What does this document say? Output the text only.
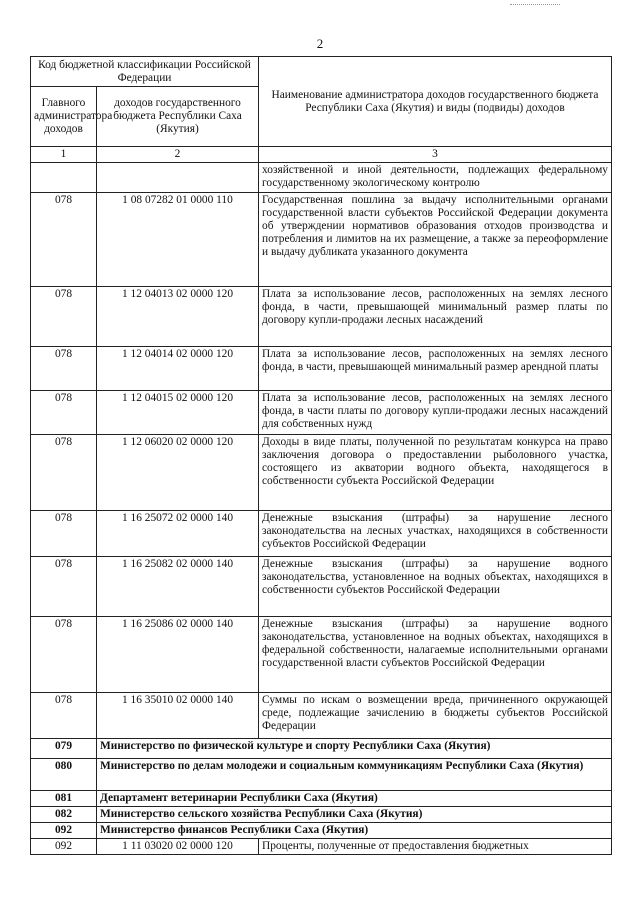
2
Код бюджетной классификации Российской Федерации		Наименование администратора доходов государственного бюджета Республики Саха (Якутия) и виды (подвиды) доходов
Главного администратора доходов	доходов государственного бюджета Республики Саха (Якутия)	
1	2	3
		хозяйственной и иной деятельности, подлежащих федеральному государственному экологическому контролю
078	1 08 07282 01 0000 110	Государственная пошлина за выдачу исполнительными органами государственной власти субъектов Российской Федерации документа об утверждении нормативов образования отходов производства и потребления и лимитов на их размещение, а также за переоформление и выдачу дубликата указанного документа
078	1 12 04013 02 0000 120	Плата за использование лесов, расположенных на землях лесного фонда, в части, превышающей минимальный размер платы по договору купли-продажи лесных насаждений
078	1 12 04014 02 0000 120	Плата за использование лесов, расположенных на землях лесного фонда, в части, превышающей минимальный размер арендной платы
078	1 12 04015 02 0000 120	Плата за использование лесов, расположенных на землях лесного фонда, в части платы по договору купли-продажи лесных насаждений для собственных нужд
078	1 12 06020 02 0000 120	Доходы в виде платы, полученной по результатам конкурса на право заключения договора о предоставлении рыболовного участка, состоящего из акватории водного объекта, находящегося в собственности субъекта Российской Федерации
078	1 16 25072 02 0000 140	Денежные взыскания (штрафы) за нарушение лесного законодательства на лесных участках, находящихся в собственности субъектов Российской Федерации
078	1 16 25082 02 0000 140	Денежные взыскания (штрафы) за нарушение водного законодательства, установленное на водных объектах, находящихся в собственности субъектов Российской Федерации
078	1 16 25086 02 0000 140	Денежные взыскания (штрафы) за нарушение водного законодательства, установленное на водных объектах, находящихся в федеральной собственности, налагаемые исполнительными органами государственной власти субъектов Российской Федерации
078	1 16 35010 02 0000 140	Суммы по искам о возмещении вреда, причиненного окружающей среде, подлежащие зачислению в бюджеты субъектов Российской Федерации
079	Министерство по физической культуре и спорту Республики Саха (Якутия)	
080	Министерство по делам молодежи и социальным коммуникациям Республики Саха (Якутия)	
081	Департамент ветеринарии Республики Саха (Якутия)	
082	Министерство сельского хозяйства Республики Саха (Якутия)	
092	Министерство финансов Республики Саха (Якутия)	
092	1 11 03020 02 0000 120	Проценты, полученные от предоставления бюджетных
